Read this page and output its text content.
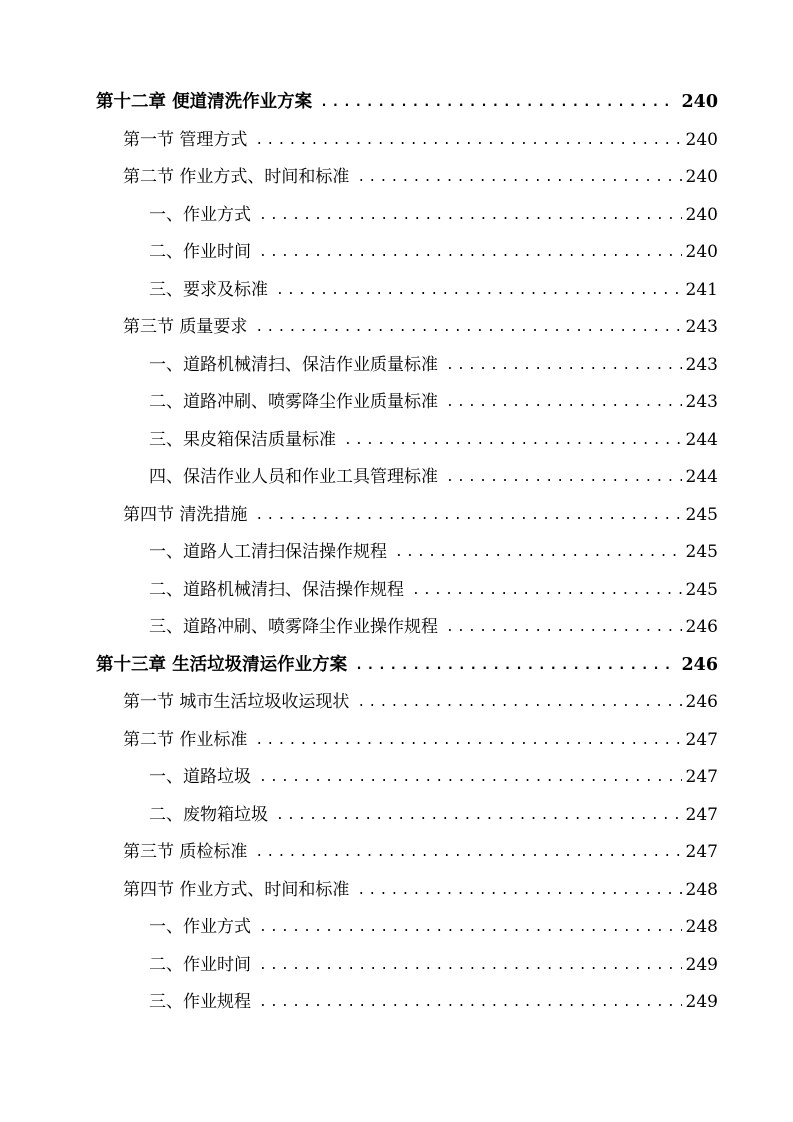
第十二章 便道清洗作业方案 .....	240
第一节 管理方式 .....	240
第二节 作业方式、时间和标准 .....	240
一、作业方式 .....	240
二、作业时间 .....	240
三、要求及标准 .....	241
第三节 质量要求 .....	243
一、道路机械清扫、保洁作业质量标准 .....	243
二、道路冲刷、喷雾降尘作业质量标准 .....	243
三、果皮箱保洁质量标准 .....	244
四、保洁作业人员和作业工具管理标准 .....	244
第四节 清洗措施 .....	245
一、道路人工清扫保洁操作规程 .....	245
二、道路机械清扫、保洁操作规程 .....	245
三、道路冲刷、喷雾降尘作业操作规程 .....	246
第十三章 生活垃圾清运作业方案 .....	246
第一节 城市生活垃圾收运现状 .....	246
第二节 作业标准 .....	247
一、道路垃圾 .....	247
二、废物箱垃圾 .....	247
第三节 质检标准 .....	247
第四节 作业方式、时间和标准 .....	248
一、作业方式 .....	248
二、作业时间 .....	249
三、作业规程 .....	249
